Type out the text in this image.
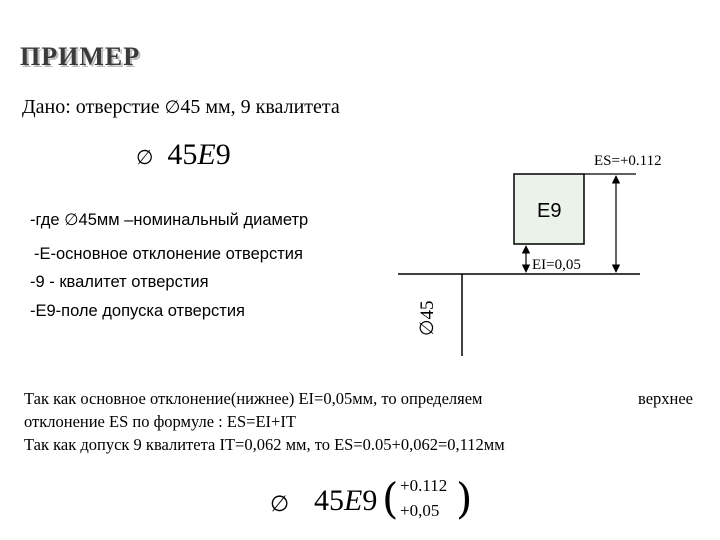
ПРИМЕР
Дано: отверстие ∅45 мм, 9 квалитета
∅ 45E9
-где ∅45мм –номинальный диаметр
-E-основное отклонение отверстия
-9 - квалитет отверстия
-E9-поле допуска отверстия
ES=+0.112
E9
EI=0,05
∅45
Так как основное отклонение(нижнее) EI=0,05мм, то определяем	верхнее
отклонение ES по формуле : ES=EI+IT
Так как допуск 9 квалитета IT=0,062 мм, то ES=0.05+0,062=0,112мм
∅ 45E9 ( +0.112
+0,05 )
